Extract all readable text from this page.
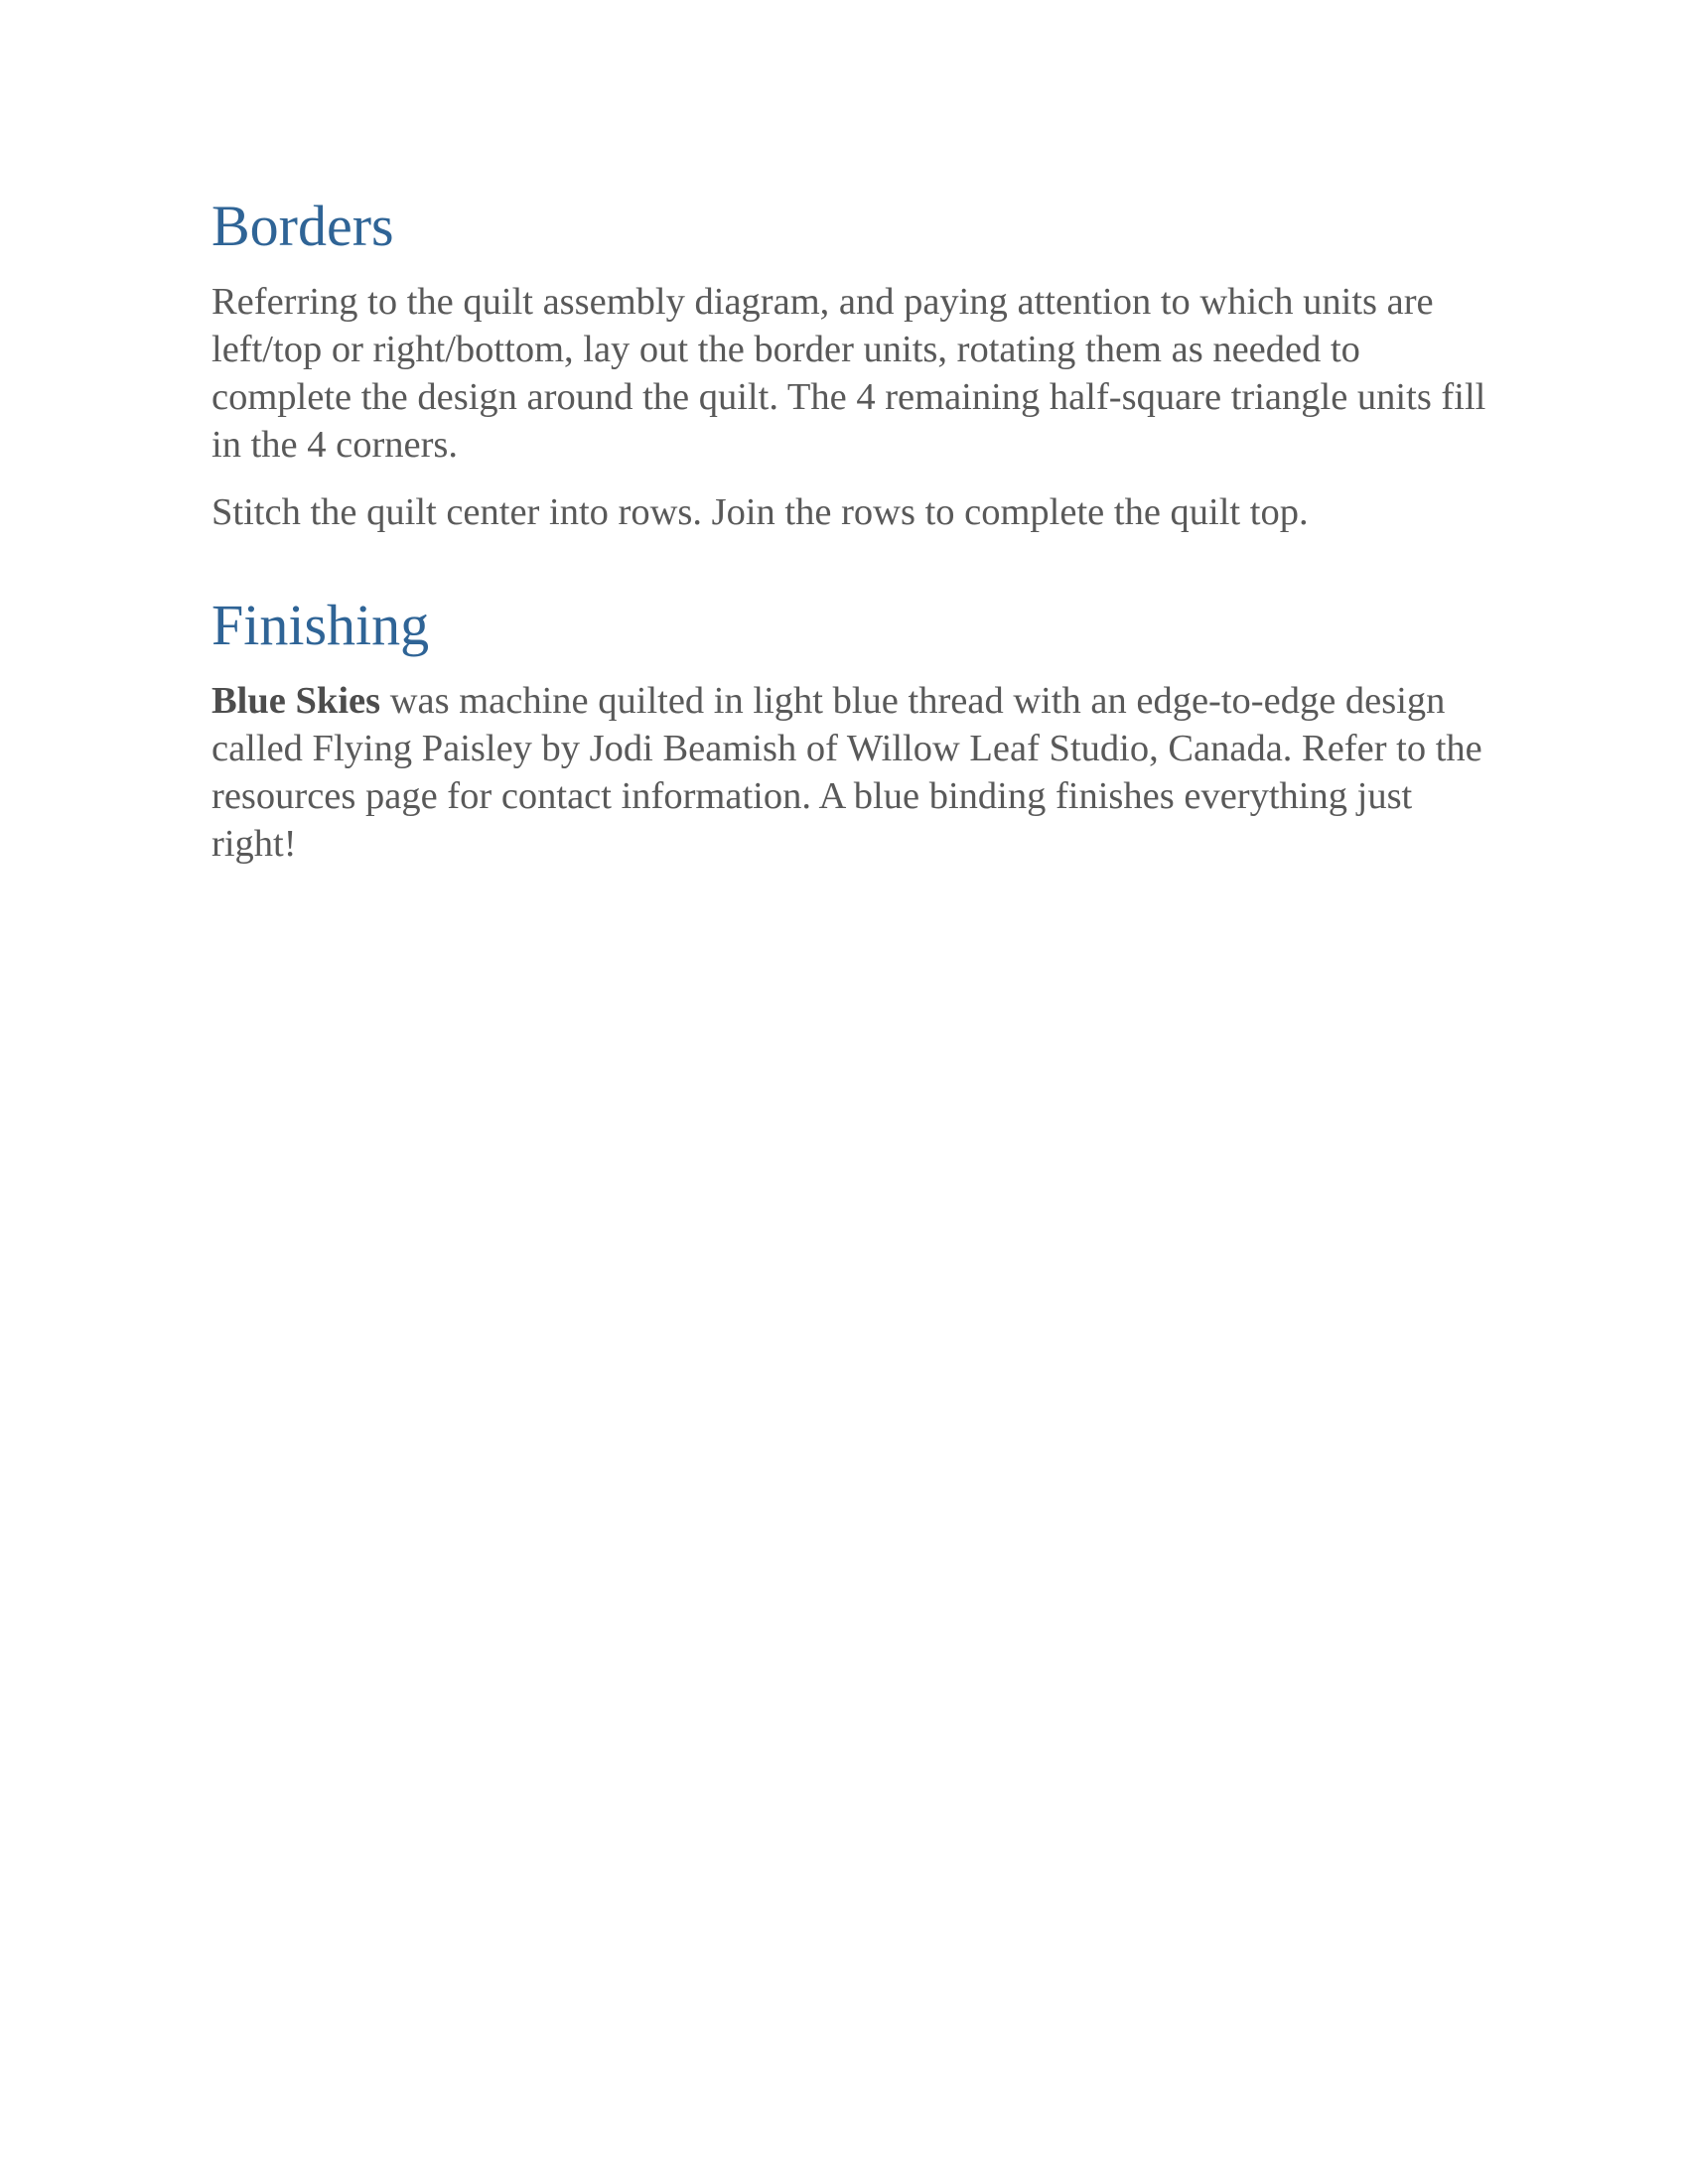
Borders

Referring to the quilt assembly diagram, and paying attention to which units are left/top or right/bottom, lay out the border units, rotating them as needed to complete the design around the quilt. The 4 remaining half-square triangle units fill in the 4 corners.

Stitch the quilt center into rows. Join the rows to complete the quilt top.

Finishing

Blue Skies was machine quilted in light blue thread with an edge-to-edge design called Flying Paisley by Jodi Beamish of Willow Leaf Studio, Canada. Refer to the resources page for contact information. A blue binding finishes everything just right!
